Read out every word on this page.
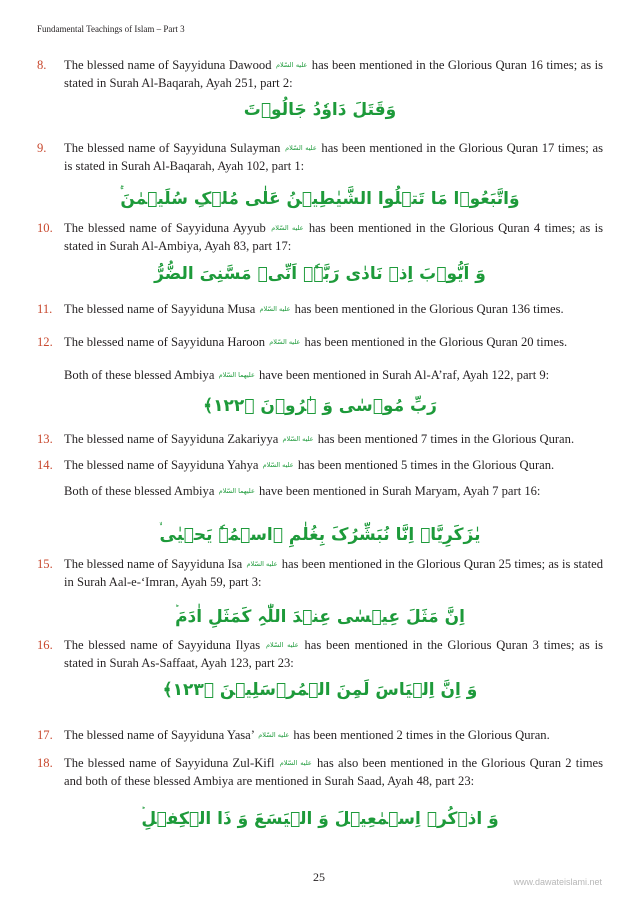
Fundamental Teachings of Islam – Part 3
8. The blessed name of Sayyiduna Dawood عليه السّلام has been mentioned in the Glorious Quran 16 times; as is stated in Surah Al-Baqarah, Ayah 251, part 2:
وَقَتَلَ دَاوٗدُ جَالُوۡتَ
9. The blessed name of Sayyiduna Sulayman عليه السّلام has been mentioned in the Glorious Quran 17 times; as is stated in Surah Al-Baqarah, Ayah 102, part 1:
وَاتَّبَعُوۡا مَا تَتۡلُوا الشَّیٰطِیۡنُ عَلٰی مُلۡکِ سُلَیۡمٰنَ
10. The blessed name of Sayyiduna Ayyub عليه السّلام has been mentioned in the Glorious Quran 4 times; as is stated in Surah Al-Ambiya, Ayah 83, part 17:
وَ اَیُّوۡبَ اِذۡ نَادٰی رَبَّہٗۤ اَنِّیۡ مَسَّنِیَ الضُّرُّ
11. The blessed name of Sayyiduna Musa عليه السّلام has been mentioned in the Glorious Quran 136 times.
12. The blessed name of Sayyiduna Haroon عليه السّلام has been mentioned in the Glorious Quran 20 times.
Both of these blessed Ambiya عليهما السّلام have been mentioned in Surah Al-A’raf, Ayah 122, part 9:
رَبِّ مُوۡسٰی وَ ہٰرُوۡنَ ﴿۱۲۲﴾
13. The blessed name of Sayyiduna Zakariyya عليه السّلام has been mentioned 7 times in the Glorious Quran.
14. The blessed name of Sayyiduna Yahya عليه السّلام has been mentioned 5 times in the Glorious Quran.
Both of these blessed Ambiya عليهما السّلام have been mentioned in Surah Maryam, Ayah 7 part 16:
یٰزَکَرِیَّاۤ اِنَّا نُبَشِّرُکَ بِغُلٰمِ ۣاسۡمُہٗ یَحۡیٰی
15. The blessed name of Sayyiduna Isa عليه السّلام has been mentioned in the Glorious Quran 25 times; as is stated in Surah Aal-e-‘Imran, Ayah 59, part 3:
اِنَّ مَثَلَ عِیۡسٰی عِنۡدَ اللّٰہِ کَمَثَلِ اٰدَمَ
16. The blessed name of Sayyiduna Ilyas عليه السّلام has been mentioned in the Glorious Quran 3 times; as is stated in Surah As-Saffaat, Ayah 123, part 23:
وَ اِنَّ اِلۡیَاسَ لَمِنَ الۡمُرۡسَلِیۡنَ ﴿۱۲۳﴾
17. The blessed name of Sayyiduna Yasa’ عليه السّلام has been mentioned 2 times in the Glorious Quran.
18. The blessed name of Sayyiduna Zul-Kifl عليه السّلام has also been mentioned in the Glorious Quran 2 times and both of these blessed Ambiya are mentioned in Surah Saad, Ayah 48, part 23:
وَ اذۡکُرۡ اِسۡمٰعِیۡلَ وَ الۡیَسَعَ وَ ذَا الۡکِفۡلِ
25	www.dawateislami.net
